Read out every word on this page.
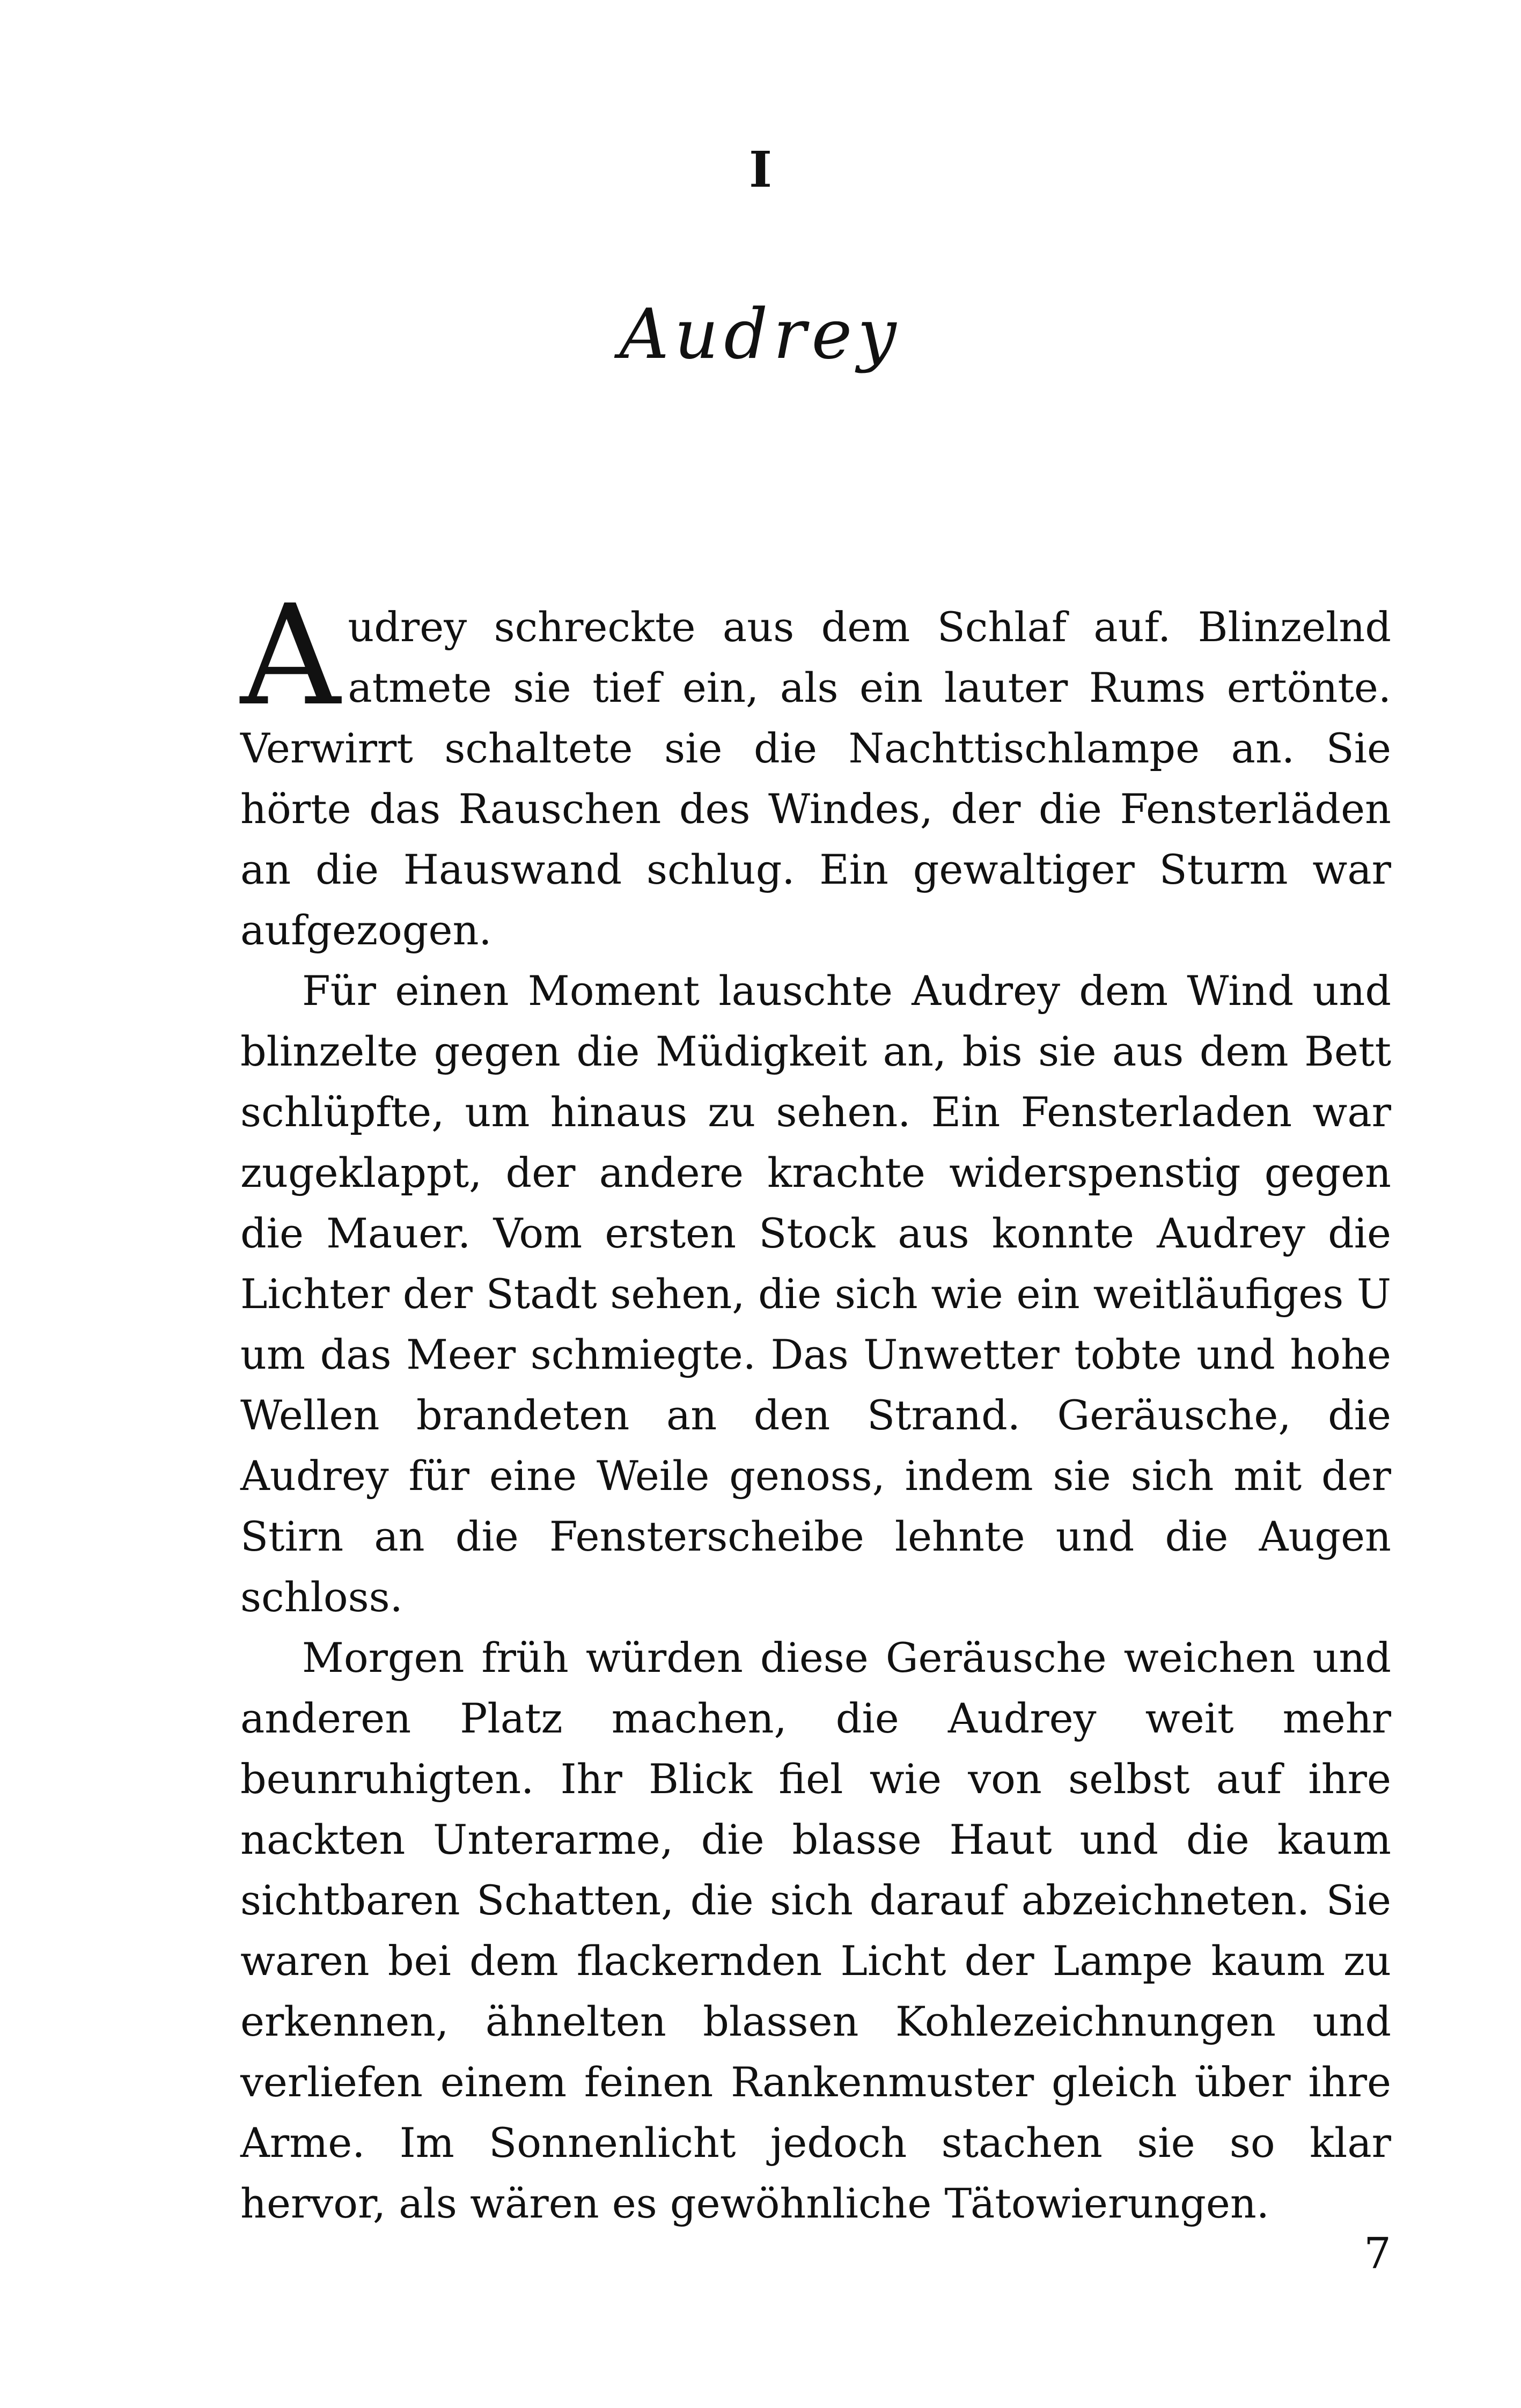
I
Audrey

Audrey schreckte aus dem Schlaf auf. Blinzelnd atmete sie tief ein, als ein lauter Rums ertönte. Verwirrt schaltete sie die Nachttischlampe an. Sie hörte das Rauschen des Windes, der die Fensterläden an die Hauswand schlug. Ein gewaltiger Sturm war aufgezogen.

Für einen Moment lauschte Audrey dem Wind und blinzelte gegen die Müdigkeit an, bis sie aus dem Bett schlüpfte, um hinaus zu sehen. Ein Fensterladen war zugeklappt, der andere krachte widerspenstig gegen die Mauer. Vom ersten Stock aus konnte Audrey die Lichter der Stadt sehen, die sich wie ein weitläufiges U um das Meer schmiegte. Das Unwetter tobte und hohe Wellen brandeten an den Strand. Geräusche, die Audrey für eine Weile genoss, indem sie sich mit der Stirn an die Fensterscheibe lehnte und die Augen schloss.

Morgen früh würden diese Geräusche weichen und anderen Platz machen, die Audrey weit mehr beunruhigten. Ihr Blick fiel wie von selbst auf ihre nackten Unterarme, die blasse Haut und die kaum sichtbaren Schatten, die sich darauf abzeichneten. Sie waren bei dem flackernden Licht der Lampe kaum zu erkennen, ähnelten blassen Kohlezeichnungen und verliefen einem feinen Rankenmuster gleich über ihre Arme. Im Sonnenlicht jedoch stachen sie so klar hervor, als wären es gewöhnliche Tätowierungen.

7
